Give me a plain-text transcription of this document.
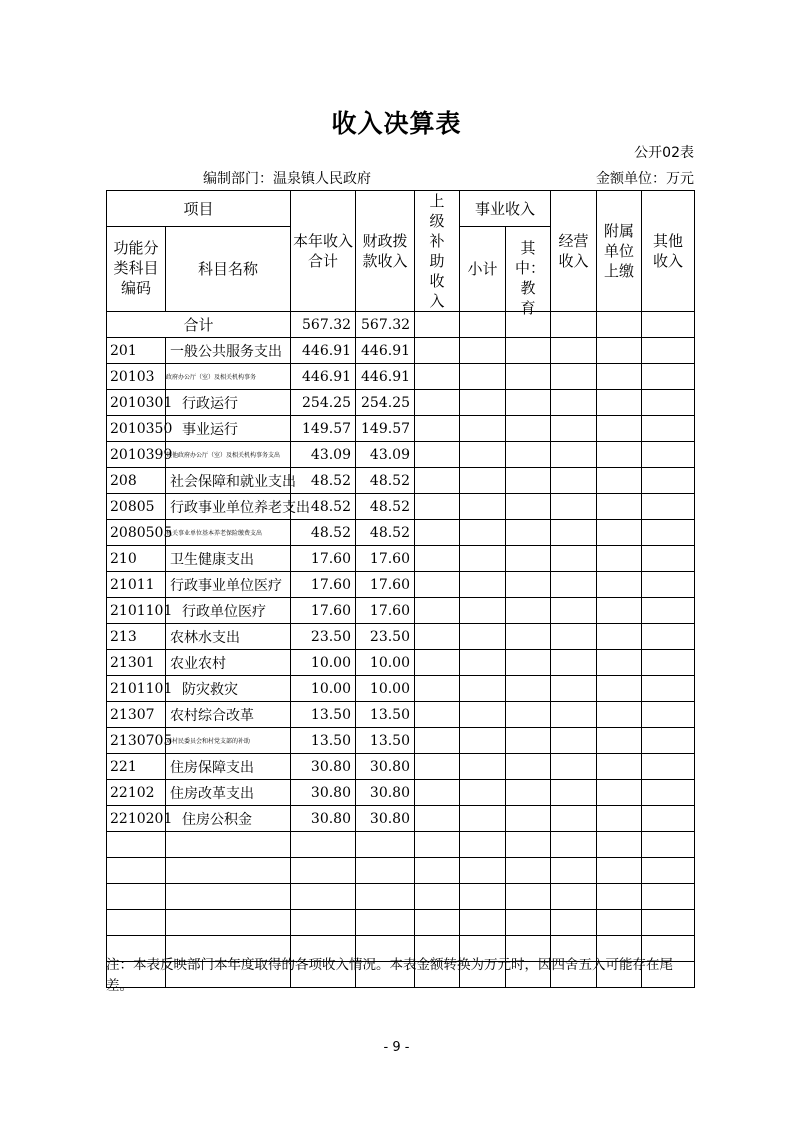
收入决算表
公开02表
编制部门：温泉镇人民政府	金额单位：万元
项目		本年收入合计	财政拨款收入	上级补助收入	事业收入		经营收入	附属单位上缴	其他收入

功能分类科目编码	科目名称				小计	其中：教育			

合计		567.32	567.32						
201	一般公共服务支出	446.91	446.91						
20103	政府办公厅（室）及相关机构事务	446.91	446.91						
2010301	行政运行	254.25	254.25						
2010350	事业运行	149.57	149.57						
2010399	其他政府办公厅（室）及相关机构事务支出	43.09	43.09						
208	社会保障和就业支出	48.52	48.52						
20805	行政事业单位养老支出	48.52	48.52						
2080505	机关事业单位基本养老保险缴费支出	48.52	48.52						
210	卫生健康支出	17.60	17.60						
21011	行政事业单位医疗	17.60	17.60						
2101101	行政单位医疗	17.60	17.60						
213	农林水支出	23.50	23.50						
21301	农业农村	10.00	10.00						
2101101	防灾救灾	10.00	10.00						
21307	农村综合改革	13.50	13.50						
2130705	对村民委员会和村党支部的补助	13.50	13.50						
221	住房保障支出	30.80	30.80						
22102	住房改革支出	30.80	30.80						
2210201	住房公积金	30.80	30.80						

注：本表反映部门本年度取得的各项收入情况。本表金额转换为万元时，因四舍五入可能存在尾差。
- 9 -
